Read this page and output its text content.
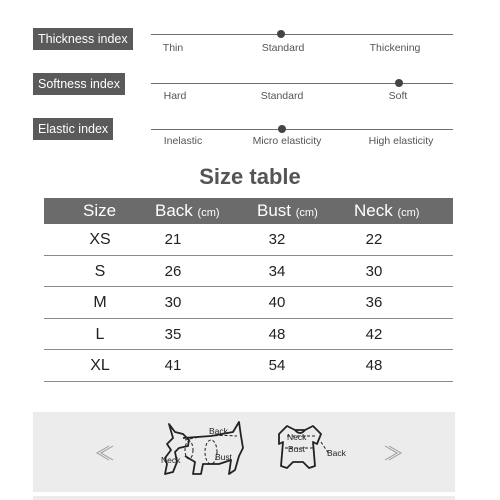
Thickness index
Thin	Standard	Thickening
Softness index
Hard	Standard	Soft
Elastic index
Inelastic	Micro elasticity	High elasticity
Size table
Size Back (cm) Bust (cm) Neck (cm)
XS	21	32	22
S	26	34	30
M	30	40	36
L	35	48	42
XL	41	54	48
Back
Neck	Bust
Neck
Bust	Back
